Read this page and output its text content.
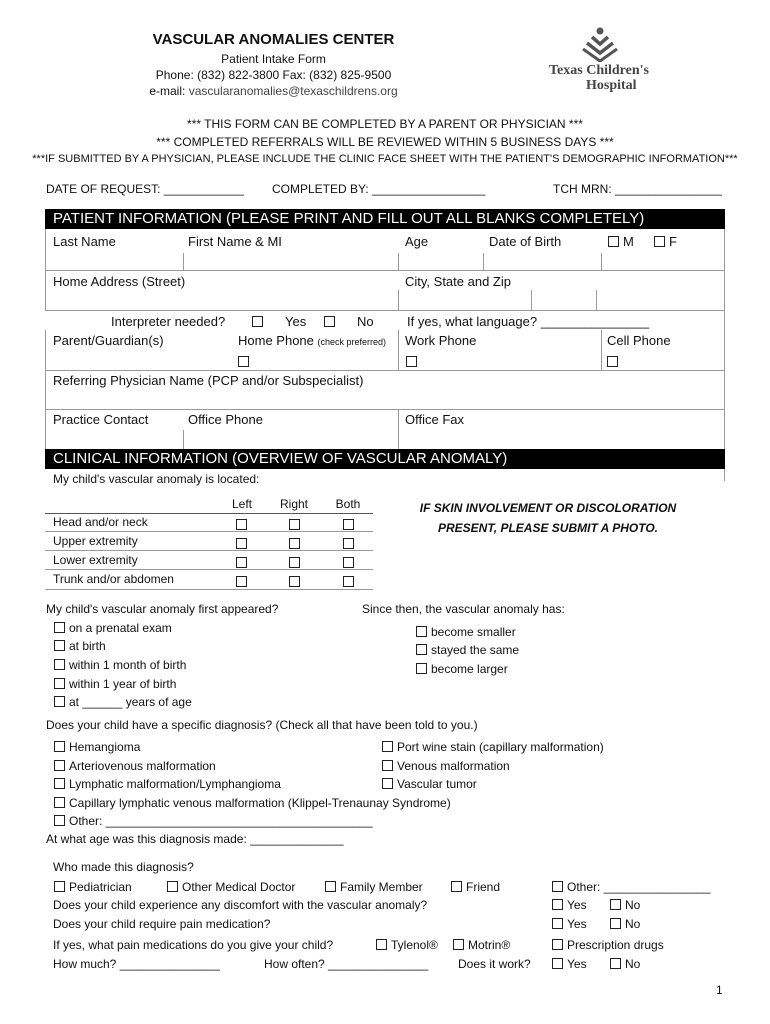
VASCULAR ANOMALIES CENTER
Patient Intake Form
Phone: (832) 822-3800 Fax: (832) 825-9500
e-mail: vascularanomalies@texaschildrens.org
Texas Children's
Hospital
*** THIS FORM CAN BE COMPLETED BY A PARENT OR PHYSICIAN ***
*** COMPLETED REFERRALS WILL BE REVIEWED WITHIN 5 BUSINESS DAYS ***
***IF SUBMITTED BY A PHYSICIAN, PLEASE INCLUDE THE CLINIC FACE SHEET WITH THE PATIENT'S DEMOGRAPHIC INFORMATION***
DATE OF REQUEST: ____________ COMPLETED BY: _________________	TCH MRN: ________________
PATIENT INFORMATION (PLEASE PRINT AND FILL OUT ALL BLANKS COMPLETELY)
Last Name	First Name & MI	Age	Date of Birth	M	F
Home Address (Street)	City, State and Zip
Interpreter needed?	Yes	No	If yes, what language? _______________
Parent/Guardian(s)	Home Phone (check preferred) Work Phone	Cell Phone
Referring Physician Name (PCP and/or Subspecialist)
Practice Contact	Office Phone	Office Fax
CLINICAL INFORMATION (OVERVIEW OF VASCULAR ANOMALY)
My child's vascular anomaly is located:
Left	Right Both
Head and/or neck
Upper extremity
Lower extremity
Trunk and/or abdomen
IF SKIN INVOLVEMENT OR DISCOLORATION
PRESENT, PLEASE SUBMIT A PHOTO.
My child's vascular anomaly first appeared?
on a prenatal exam
at birth
within 1 month of birth
within 1 year of birth
at ______ years of age
Since then, the vascular anomaly has:
become smaller
stayed the same
become larger
Does your child have a specific diagnosis? (Check all that have been told to you.)
Hemangioma
Arteriovenous malformation
Lymphatic malformation/Lymphangioma
Port wine stain (capillary malformation)
Venous malformation
Vascular tumor
Capillary lymphatic venous malformation (Klippel-Trenaunay Syndrome)
Other: ________________________________________
At what age was this diagnosis made: ______________
Who made this diagnosis?
Pediatrician	Other Medical Doctor	Family Member	Friend	Other: ________________
Does your child experience any discomfort with the vascular anomaly?	Yes	No
Does your child require pain medication?	Yes	No
If yes, what pain medications do you give your child?	Tylenol®	Motrin®	Prescription drugs
How much? _______________	How often? _______________ Does it work?	Yes	No
1
